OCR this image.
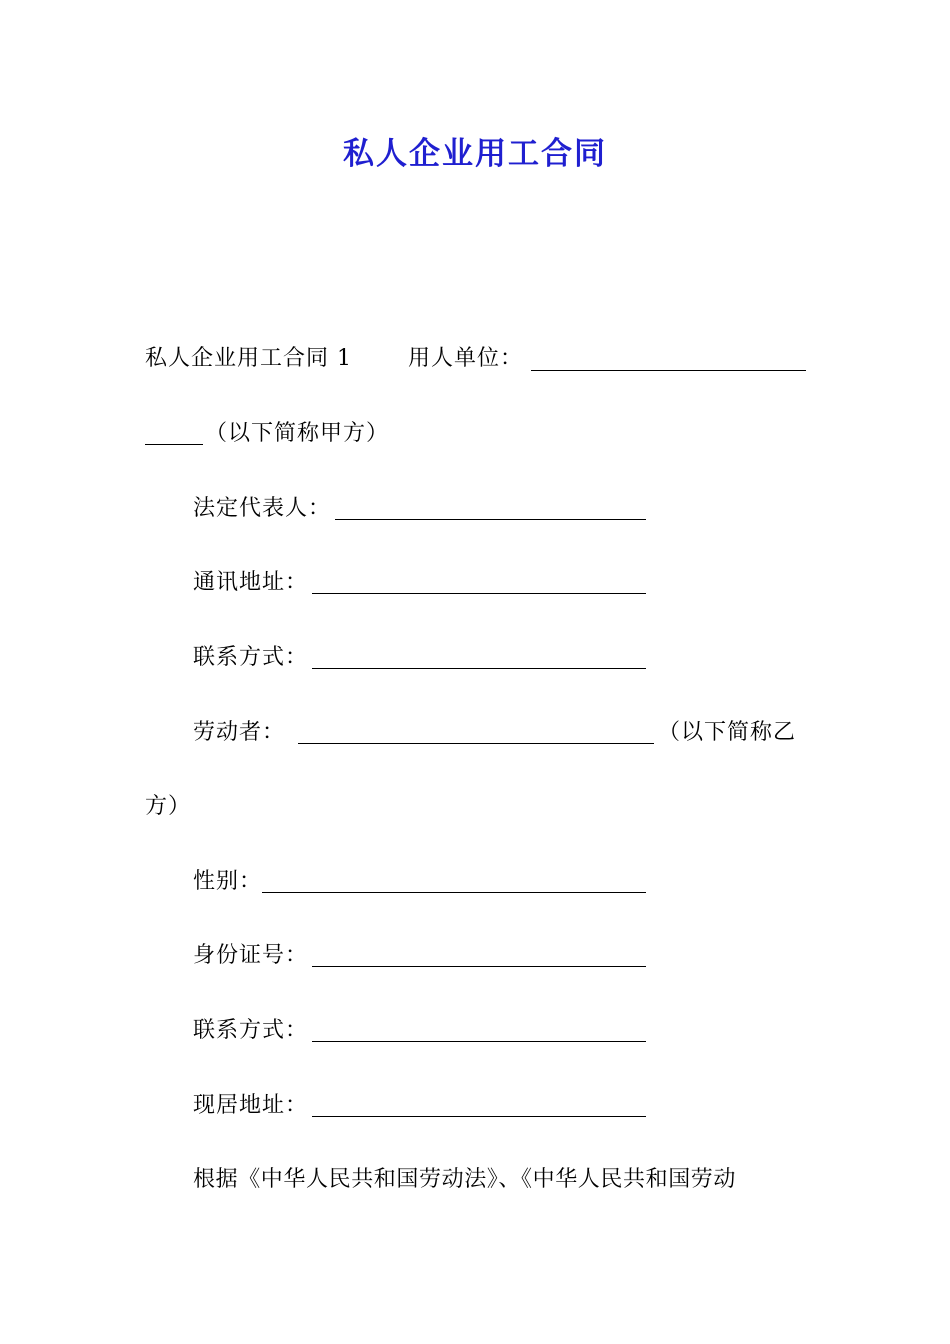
私人企业用工合同
私人企业用工合同 1	用人单位：
（以下简称甲方）
法定代表人：
通讯地址：
联系方式：
劳动者：	（以下简称乙
方）
性别：
身份证号：
联系方式：
现居地址：
根据《中华人民共和国劳动法》、《中华人民共和国劳动
